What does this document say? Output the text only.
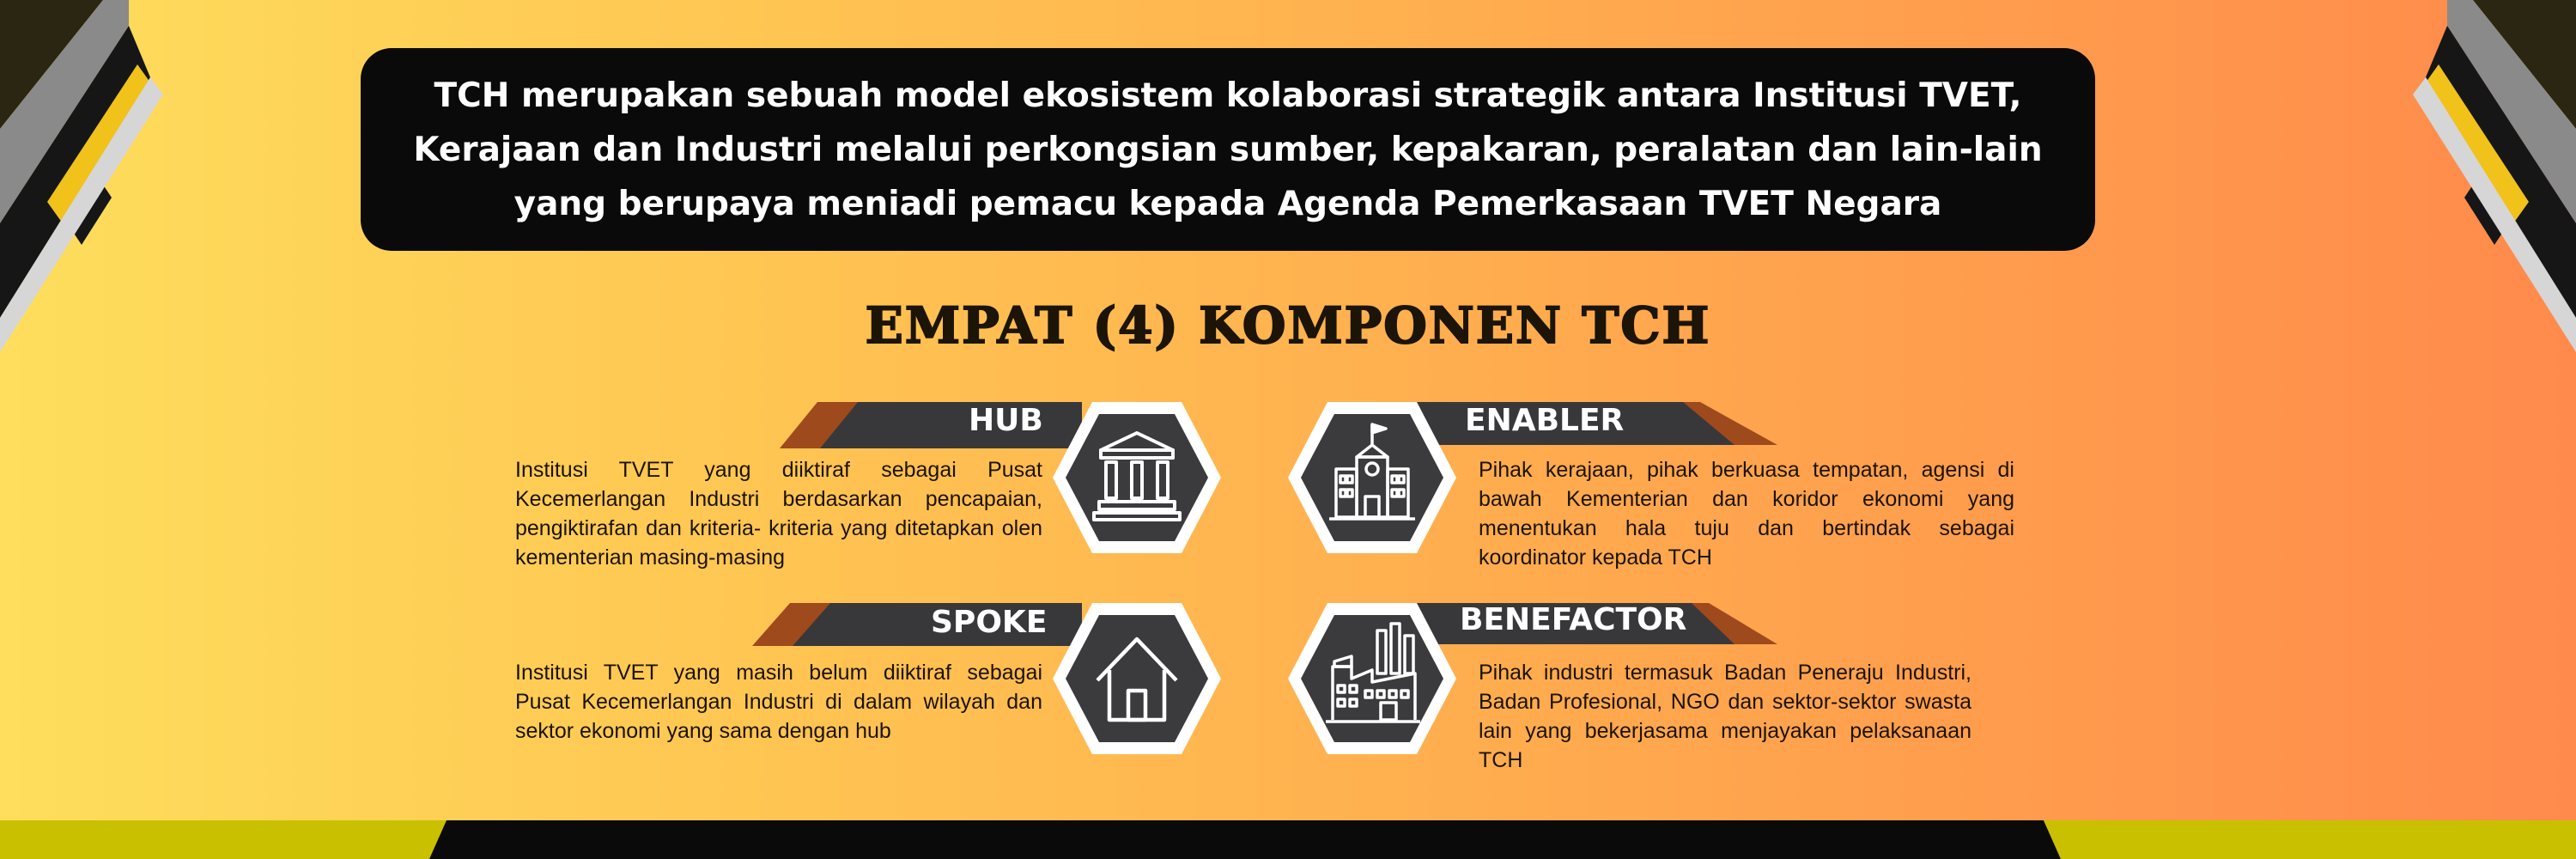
TCH merupakan sebuah model ekosistem kolaborasi strategik antara Institusi TVET, Kerajaan dan Industri melalui perkongsian sumber, kepakaran, peralatan dan lain-lain yang berupaya meniadi pemacu kepada Agenda Pemerkasaan TVET Negara
EMPAT (4) KOMPONEN TCH
HUB
SPOKE
ENABLER
BENEFACTOR
Institusi TVET yang diiktiraf sebagai Pusat Kecemerlangan Industri berdasarkan pencapaian, pengiktirafan dan kriteria- kriteria yang ditetapkan olen kementerian masing-masing
Pihak kerajaan, pihak berkuasa tempatan, agensi di bawah Kementerian dan koridor ekonomi yang menentukan hala tuju dan bertindak sebagai koordinator kepada TCH
Institusi TVET yang masih belum diiktiraf sebagai Pusat Kecemerlangan Industri di dalam wilayah dan sektor ekonomi yang sama dengan hub
Pihak industri termasuk Badan Peneraju Industri, Badan Profesional, NGO dan sektor-sektor swasta lain yang bekerjasama menjayakan pelaksanaan TCH
